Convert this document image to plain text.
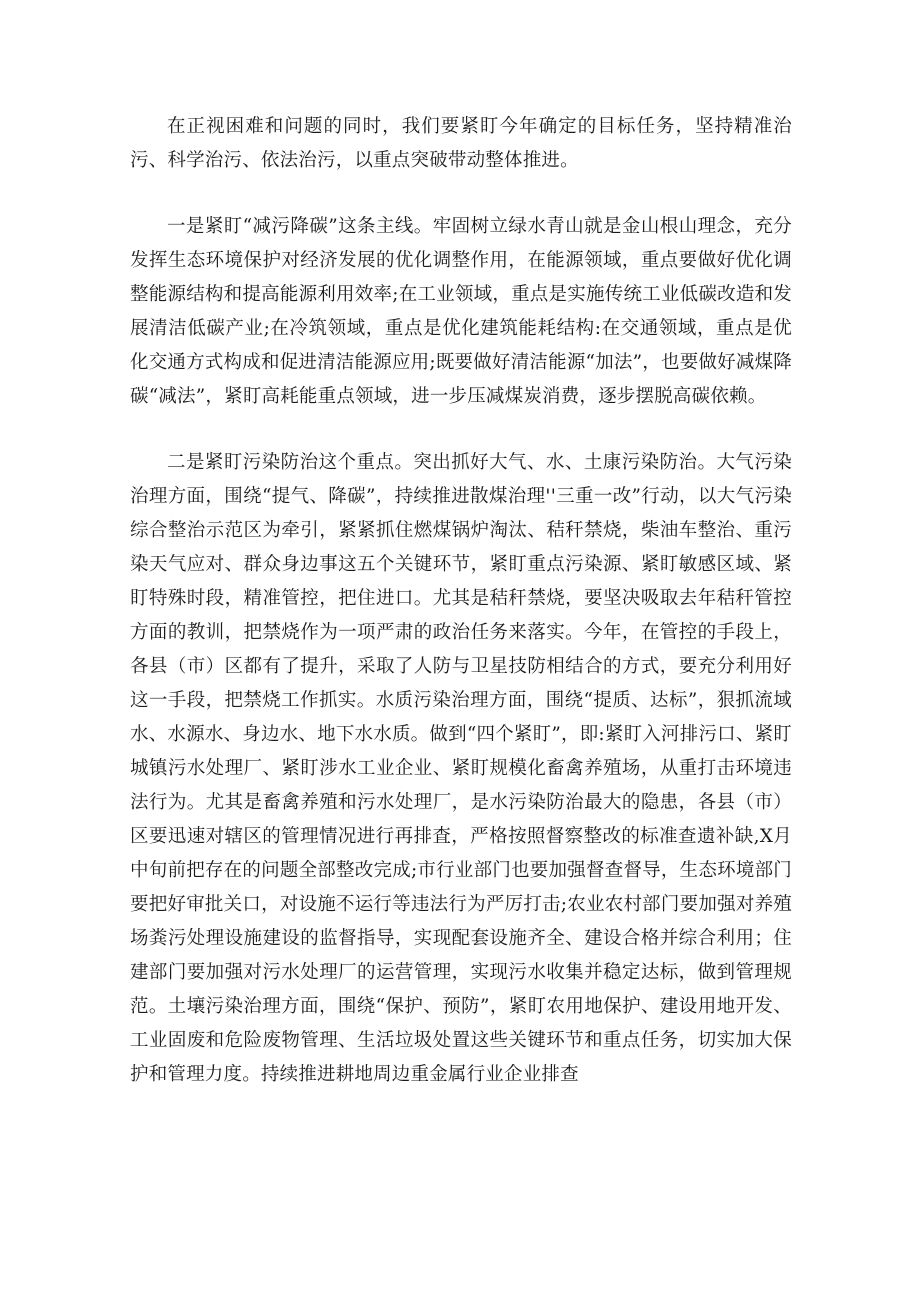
在正视困难和问题的同时，我们要紧盯今年确定的目标任务，坚持精准治污、科学治污、依法治污，以重点突破带动整体推进。

一是紧盯“减污降碳”这条主线。牢固树立绿水青山就是金山根山理念，充分发挥生态环境保护对经济发展的优化调整作用，在能源领域，重点要做好优化调整能源结构和提高能源利用效率;在工业领域，重点是实施传统工业低碳改造和发展清洁低碳产业;在冷筑领域，重点是优化建筑能耗结构:在交通领域，重点是优化交通方式构成和促进清洁能源应用;既要做好清洁能源“加法”，也要做好减煤降碳“减法”，紧盯高耗能重点领域，进一步压减煤炭消费，逐步摆脱高碳依赖。

二是紧盯污染防治这个重点。突出抓好大气、水、土康污染防治。大气污染治理方面，围绕“提气、降碳”，持续推进散煤治理''三重一改”行动，以大气污染综合整治示范区为牵引，紧紧抓住燃煤锅炉淘汰、秸秆禁烧，柴油车整治、重污染天气应对、群众身边事这五个关键环节，紧盯重点污染源、紧盯敏感区域、紧盯特殊时段，精准管控，把住进口。尤其是秸秆禁烧，要坚决吸取去年秸秆管控方面的教训，把禁烧作为一项严肃的政治任务来落实。今年，在管控的手段上，各县（市）区都有了提升，采取了人防与卫星技防相结合的方式，要充分利用好这一手段，把禁烧工作抓实。水质污染治理方面，围绕“提质、达标”，狠抓流域水、水源水、身边水、地下水水质。做到“四个紧盯”，即:紧盯入河排污口、紧盯城镇污水处理厂、紧盯涉水工业企业、紧盯规模化畜禽养殖场，从重打击环境违法行为。尤其是畜禽养殖和污水处理厂，是水污染防治最大的隐患，各县（市）区要迅速对辖区的管理情况进行再排査，严格按照督察整改的标准查遗补缺,X月中旬前把存在的问题全部整改完成;市行业部门也要加强督查督导，生态环境部门要把好审批关口，对设施不运行等违法行为严厉打击;农业农村部门要加强对养殖场粪污处理设施建设的监督指导，实现配套设施齐全、建设合格并综合利用；住建部门要加强对污水处理厂的运营管理，实现污水收集并稳定达标，做到管理规范。土壤污染治理方面，围绕“保护、预防”，紧盯农用地保护、建设用地开发、工业固废和危险废物管理、生活垃圾处置这些关键环节和重点任务，切实加大保护和管理力度。持续推进耕地周边重金属行业企业排查
